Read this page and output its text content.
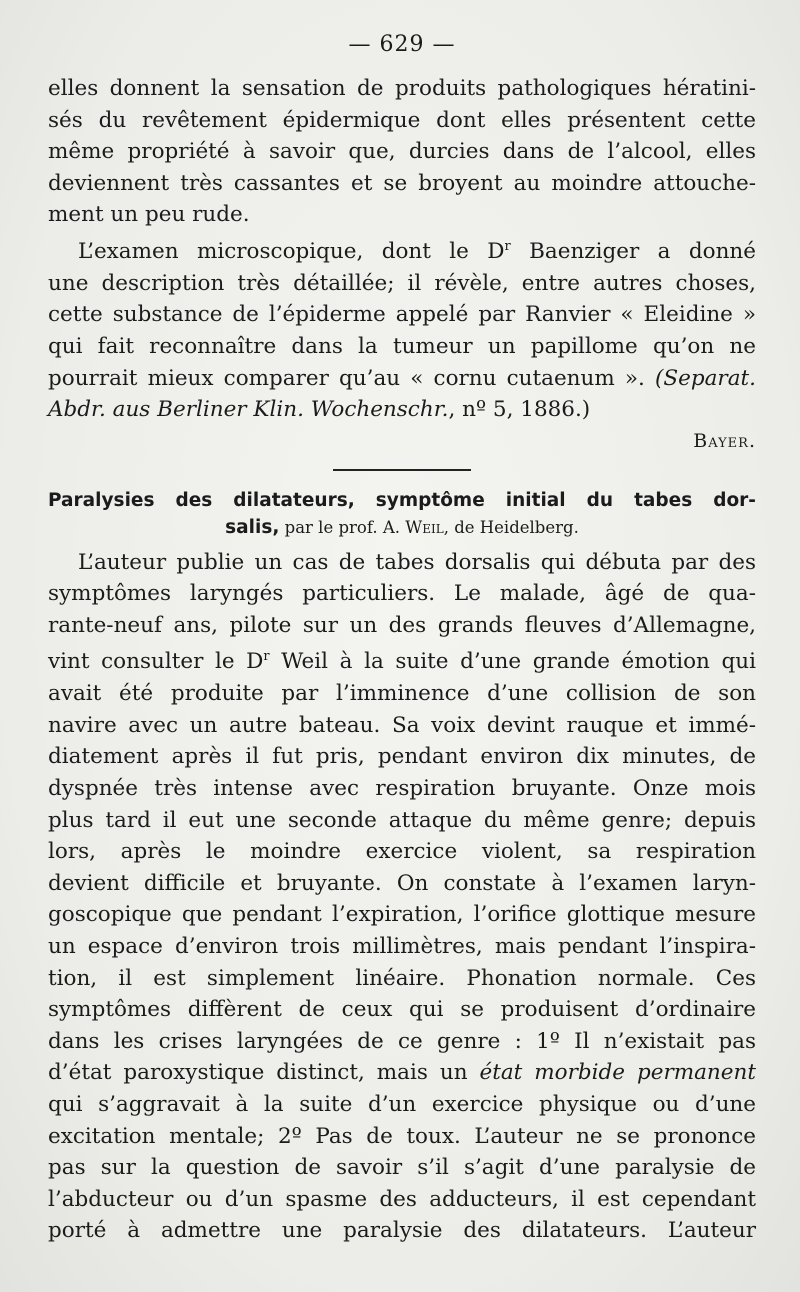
— 629 —
elles donnent la sensation de produits pathologiques hératini-
sés du revêtement épidermique dont elles présentent cette
même propriété à savoir que, durcies dans de l’alcool, elles
deviennent très cassantes et se broyent au moindre attouche-
ment un peu rude.
L’examen microscopique, dont le $D^r$ Baenziger a donné
une description très détaillée; il révèle, entre autres choses,
cette substance de l’épiderme appelé par Ranvier « Eleidine »
qui fait reconnaître dans la tumeur un papillome qu’on ne
pourrait mieux comparer qu’au « cornu cutaenum ». (Separat.
Abdr. aus Berliner Klin. Wochenschr., nº 5, 1886.)
Bayer.
Paralysies des dilatateurs, symptôme initial du tabes dor-
salis, par le prof. A. Weil, de Heidelberg.
L’auteur publie un cas de tabes dorsalis qui débuta par des
symptômes laryngés particuliers. Le malade, âgé de qua-
rante-neuf ans, pilote sur un des grands fleuves d’Allemagne,
vint consulter le $D^r$ Weil à la suite d’une grande émotion qui
avait été produite par l’imminence d’une collision de son
navire avec un autre bateau. Sa voix devint rauque et immé-
diatement après il fut pris, pendant environ dix minutes, de
dyspnée très intense avec respiration bruyante. Onze mois
plus tard il eut une seconde attaque du même genre; depuis
lors, après le moindre exercice violent, sa respiration
devient difficile et bruyante. On constate à l’examen laryn-
goscopique que pendant l’expiration, l’orifice glottique mesure
un espace d’environ trois millimètres, mais pendant l’inspira-
tion, il est simplement linéaire. Phonation normale. Ces
symptômes diffèrent de ceux qui se produisent d’ordinaire
dans les crises laryngées de ce genre : 1º Il n’existait pas
d’état paroxystique distinct, mais un état morbide permanent
qui s’aggravait à la suite d’un exercice physique ou d’une
excitation mentale; 2º Pas de toux. L’auteur ne se prononce
pas sur la question de savoir s’il s’agit d’une paralysie de
l’abducteur ou d’un spasme des adducteurs, il est cependant
porté à admettre une paralysie des dilatateurs. L’auteur
